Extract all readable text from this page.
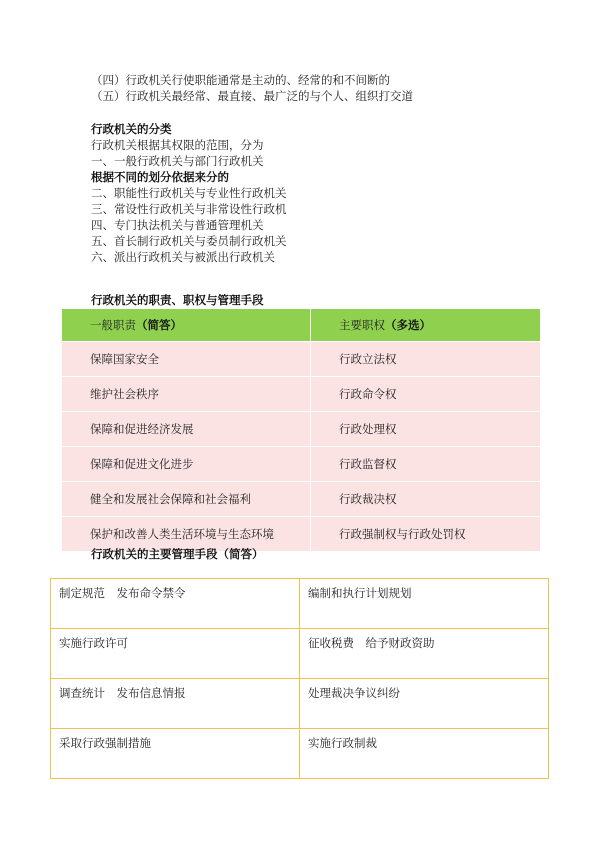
（四）行政机关行使职能通常是主动的、经常的和不间断的
（五）行政机关最经常、最直接、最广泛的与个人、组织打交道
行政机关的分类
行政机关根据其权限的范围，分为
一、一般行政机关与部门行政机关
根据不同的划分依据来分的
二、职能性行政机关与专业性行政机关
三、常设性行政机关与非常设性行政机
四、专门执法机关与普通管理机关
五、首长制行政机关与委员制行政机关
六、派出行政机关与被派出行政机关
行政机关的职责、职权与管理手段
一般职责（简答）	主要职权（多选）
保障国家安全	行政立法权
维护社会秩序	行政命令权
保障和促进经济发展	行政处理权
保障和促进文化进步	行政监督权
健全和发展社会保障和社会福利	行政裁决权
保护和改善人类生活环境与生态环境	行政强制权与行政处罚权
行政机关的主要管理手段（简答）
制定规范　发布命令禁令	编制和执行计划规划
实施行政许可	征收税费　给予财政资助
调查统计　发布信息情报	处理裁决争议纠纷
采取行政强制措施	实施行政制裁
